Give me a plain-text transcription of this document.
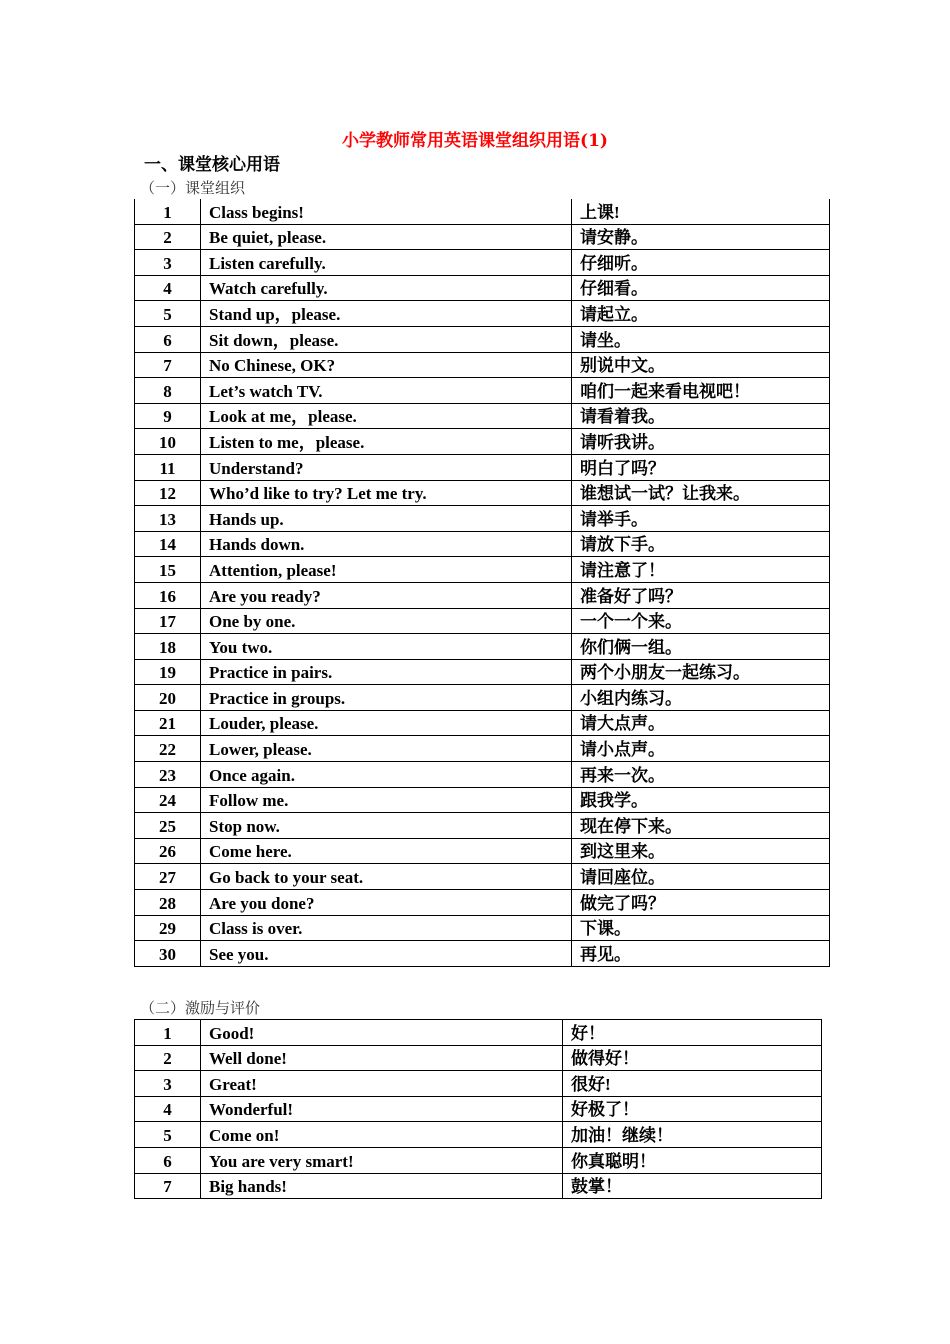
小学教师常用英语课堂组织用语(1)
一、课堂核心用语
（一）课堂组织
1	Class begins!	上课!
2	Be quiet, please.	请安静。
3	Listen carefully.	仔细听。
4	Watch carefully.	仔细看。
5	Stand up，please.	请起立。
6	Sit down，please.	请坐。
7	No Chinese, OK?	别说中文。
8	Let’s watch TV.	咱们一起来看电视吧！
9	Look at me，please.	请看着我。
10	Listen to me，please.	请听我讲。
11	Understand?	明白了吗？
12	Who’d like to try? Let me try.	谁想试一试？让我来。
13	Hands up.	请举手。
14	Hands down.	请放下手。
15	Attention, please!	请注意了！
16	Are you ready?	准备好了吗？
17	One by one.	一个一个来。
18	You two.	你们俩一组。
19	Practice in pairs.	两个小朋友一起练习。
20	Practice in groups.	小组内练习。
21	Louder, please.	请大点声。
22	Lower, please.	请小点声。
23	Once again.	再来一次。
24	Follow me.	跟我学。
25	Stop now.	现在停下来。
26	Come here.	到这里来。
27	Go back to your seat.	请回座位。
28	Are you done?	做完了吗？
29	Class is over.	下课。
30	See you.	再见。
（二）激励与评价
1	Good!	好！
2	Well done!	做得好！
3	Great!	很好!
4	Wonderful!	好极了！
5	Come on!	加油！继续！
6	You are very smart!	你真聪明！
7	Big hands!	鼓掌！
